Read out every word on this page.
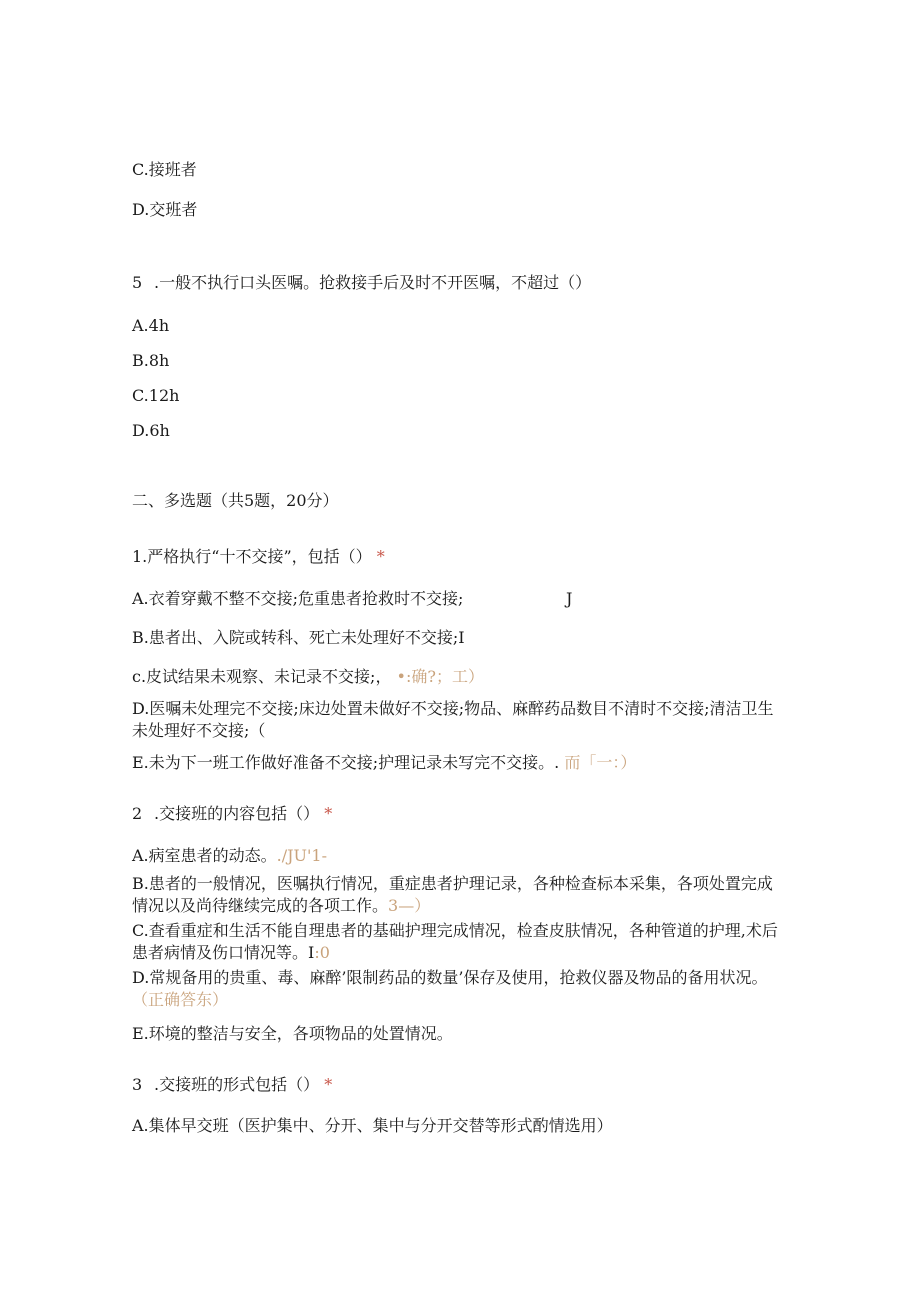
C.接班者
D.交班者
5 .一般不执行口头医嘱。抢救接手后及时不开医嘱，不超过（）
A.4h
B.8h
C.12h
D.6h
二、多选题（共5题，20分）
1.严格执行“十不交接”，包括（） *
A.衣着穿戴不整不交接;危重患者抢救时不交接;	J
B.患者出、入院或转科、死亡未处理好不交接;I
c.皮试结果未观察、未记录不交接;， •:确?；工）
D.医嘱未处理完不交接;床边处置未做好不交接;物品、麻醉药品数目不清时不交接;清洁卫生未处理好不交接;（
E.未为下一班工作做好准备不交接;护理记录未写完不交接。. 而「一：）
2 .交接班的内容包括（） *
A.病室患者的动态。./JU'1-
B.患者的一般情况，医嘱执行情况，重症患者护理记录，各种检查标本采集，各项处置完成情况以及尚待继续完成的各项工作。3—）
C.查看重症和生活不能自理患者的基础护理完成情况，检查皮肤情况，各种管道的护理,术后患者病情及伤口情况等。I:0
D.常规备用的贵重、毒、麻醉’限制药品的数量’保存及使用，抢救仪器及物品的备用状况。（正确答东）
E.环境的整洁与安全，各项物品的处置情况。
3 .交接班的形式包括（） *
A.集体早交班（医护集中、分开、集中与分开交替等形式酌情选用）
